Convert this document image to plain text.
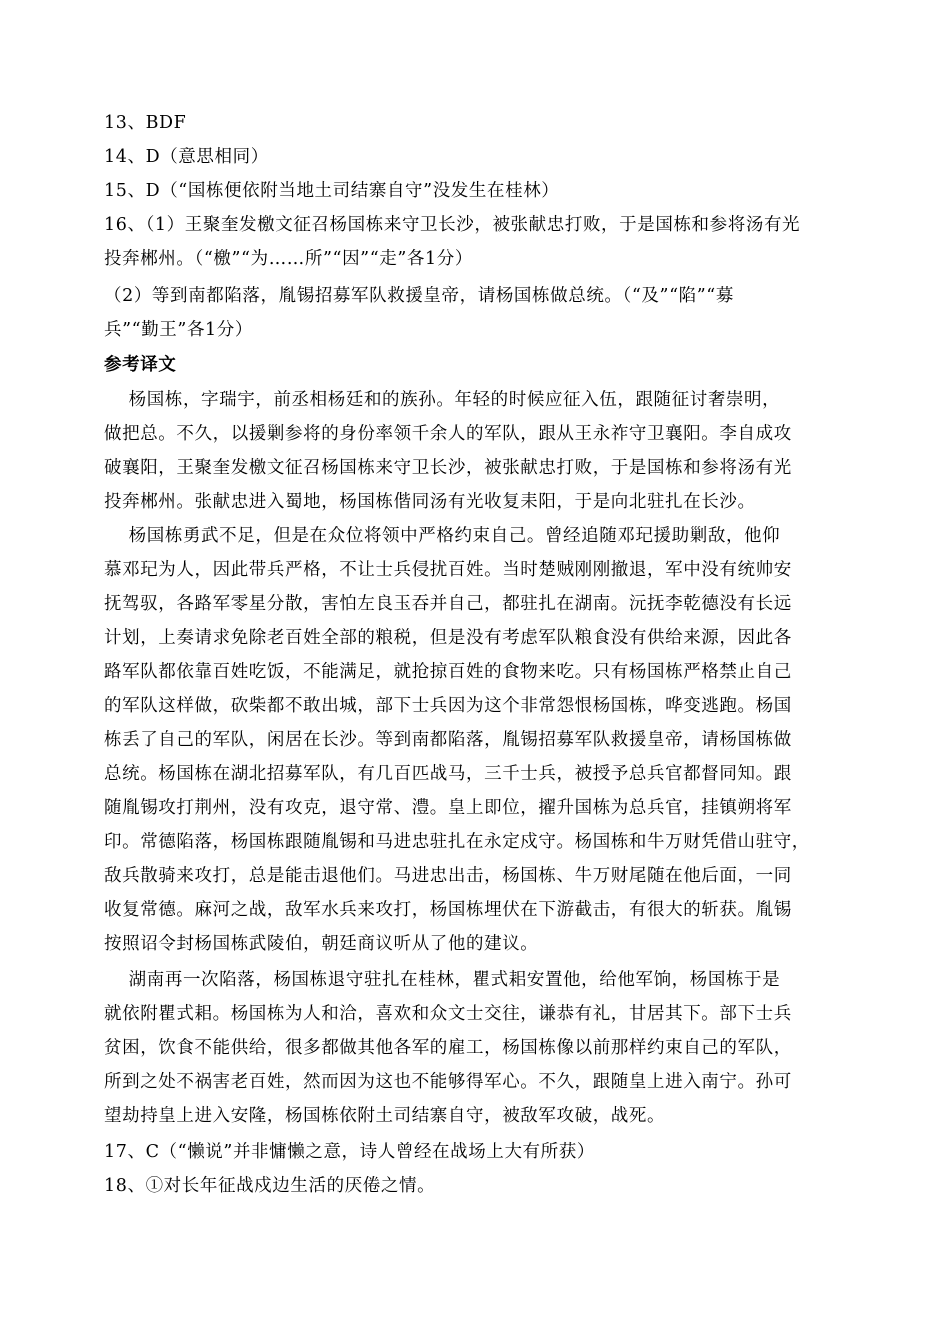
13、BDF
14、D（意思相同）
15、D（“国栋便依附当地土司结寨自守”没发生在桂林）
16、（1）王聚奎发檄文征召杨国栋来守卫长沙，被张献忠打败，于是国栋和参将汤有光
投奔郴州。（“檄”“为……所”“因”“走”各1分）
（2）等到南都陷落，胤锡招募军队救援皇帝，请杨国栋做总统。（“及”“陷”“募
兵”“勤王”各1分）
参考译文
杨国栋，字瑞宇，前丞相杨廷和的族孙。年轻的时候应征入伍，跟随征讨奢崇明，
做把总。不久，以援剿参将的身份率领千余人的军队，跟从王永祚守卫襄阳。李自成攻
破襄阳，王聚奎发檄文征召杨国栋来守卫长沙，被张献忠打败，于是国栋和参将汤有光
投奔郴州。张献忠进入蜀地，杨国栋偕同汤有光收复耒阳，于是向北驻扎在长沙。
杨国栋勇武不足，但是在众位将领中严格约束自己。曾经追随邓玘援助剿敌，他仰
慕邓玘为人，因此带兵严格，不让士兵侵扰百姓。当时楚贼刚刚撤退，军中没有统帅安
抚驾驭，各路军零星分散，害怕左良玉吞并自己，都驻扎在湖南。沅抚李乾德没有长远
计划，上奏请求免除老百姓全部的粮税，但是没有考虑军队粮食没有供给来源，因此各
路军队都依靠百姓吃饭，不能满足，就抢掠百姓的食物来吃。只有杨国栋严格禁止自己
的军队这样做，砍柴都不敢出城，部下士兵因为这个非常怨恨杨国栋，哗变逃跑。杨国
栋丢了自己的军队，闲居在长沙。等到南都陷落，胤锡招募军队救援皇帝，请杨国栋做
总统。杨国栋在湖北招募军队，有几百匹战马，三千士兵，被授予总兵官都督同知。跟
随胤锡攻打荆州，没有攻克，退守常、澧。皇上即位，擢升国栋为总兵官，挂镇朔将军
印。常德陷落，杨国栋跟随胤锡和马进忠驻扎在永定戍守。杨国栋和牛万财凭借山驻守，
敌兵散骑来攻打，总是能击退他们。马进忠出击，杨国栋、牛万财尾随在他后面，一同
收复常德。麻河之战，敌军水兵来攻打，杨国栋埋伏在下游截击，有很大的斩获。胤锡
按照诏令封杨国栋武陵伯，朝廷商议听从了他的建议。
湖南再一次陷落，杨国栋退守驻扎在桂林，瞿式耜安置他，给他军饷，杨国栋于是
就依附瞿式耜。杨国栋为人和洽，喜欢和众文士交往，谦恭有礼，甘居其下。部下士兵
贫困，饮食不能供给，很多都做其他各军的雇工，杨国栋像以前那样约束自己的军队，
所到之处不祸害老百姓，然而因为这也不能够得军心。不久，跟随皇上进入南宁。孙可
望劫持皇上进入安隆，杨国栋依附土司结寨自守，被敌军攻破，战死。
17、C（“懒说”并非慵懒之意，诗人曾经在战场上大有所获）
18、①对长年征战戍边生活的厌倦之情。
